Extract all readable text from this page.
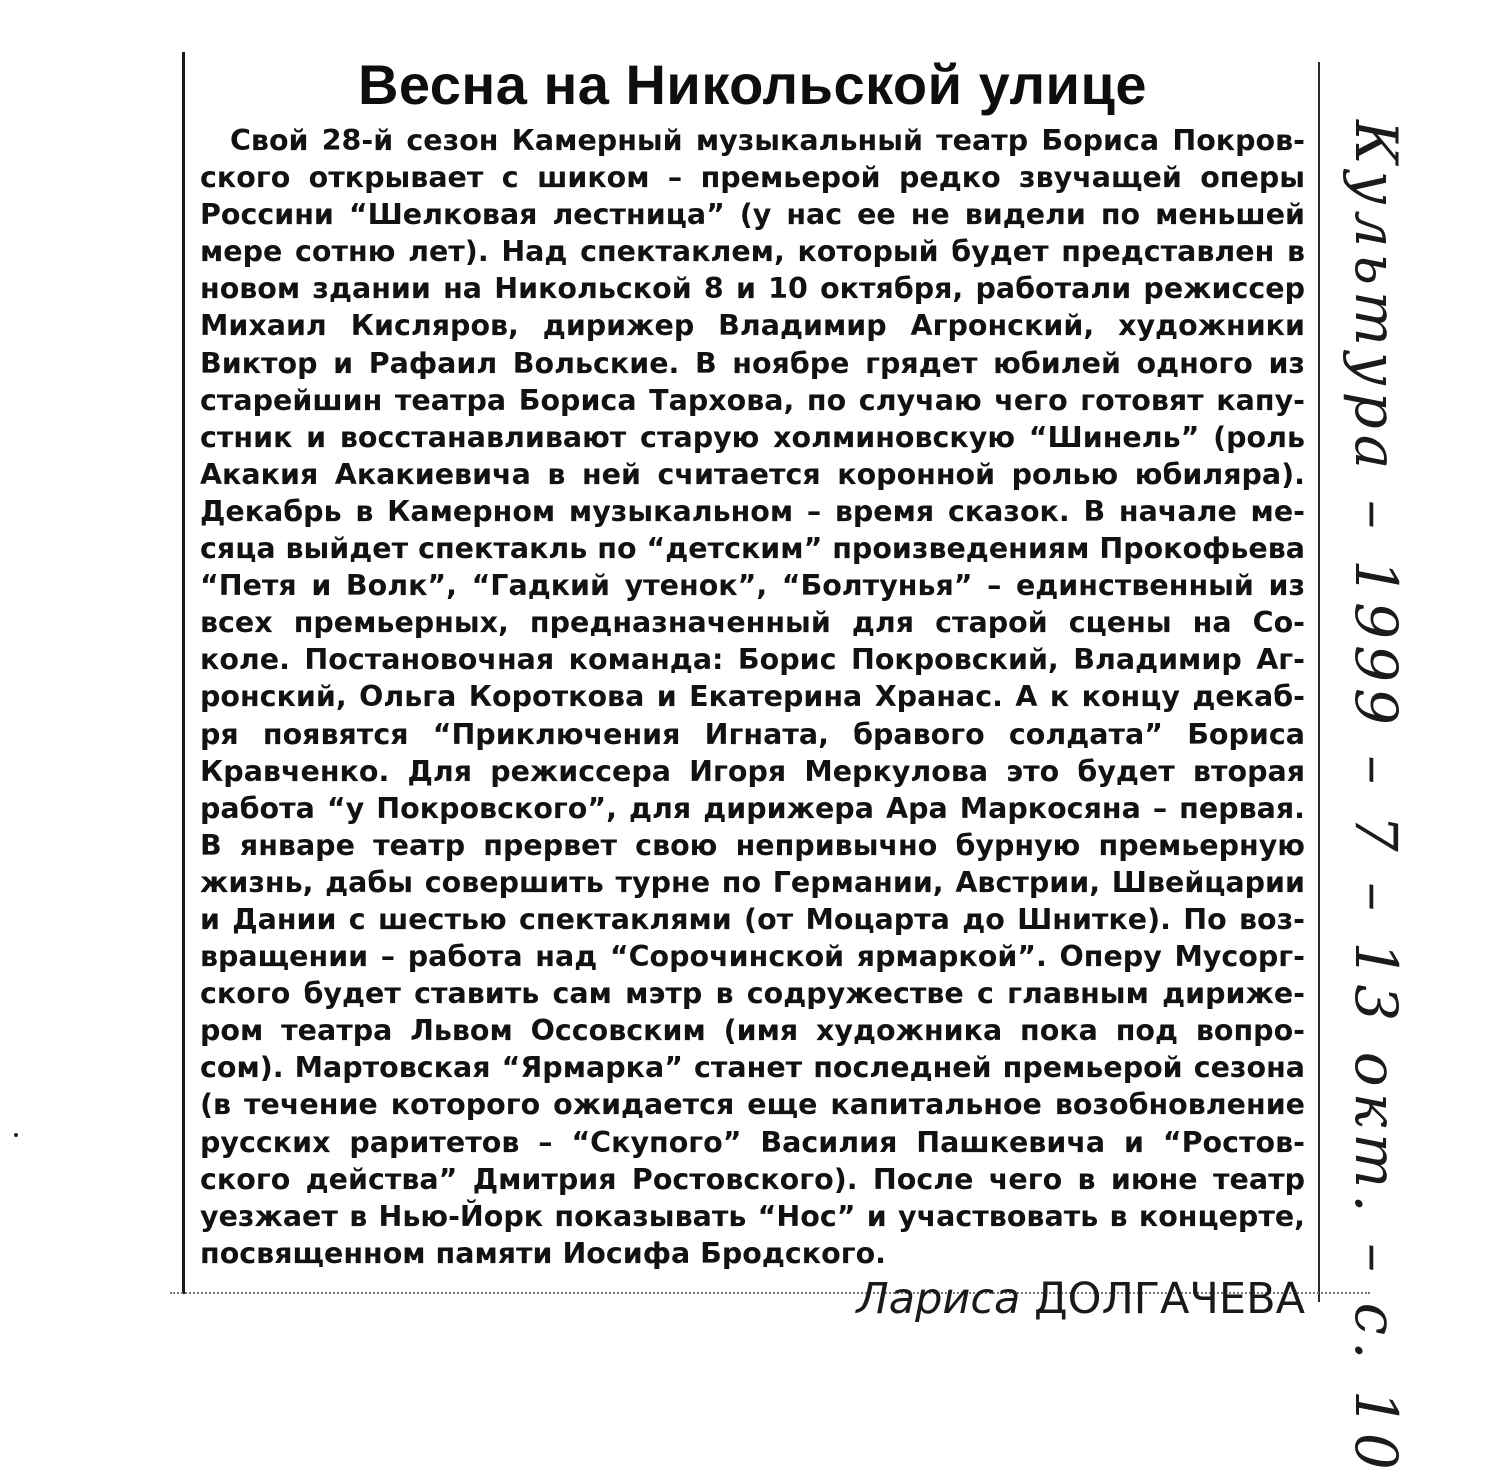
Весна на Никольской улице

Свой 28-й сезон Камерный музыкальный театр Бориса Покровского открывает с шиком – премьерой редко звучащей оперы Россини “Шелковая лестница” (у нас ее не видели по меньшей мере сотню лет). Над спектаклем, который будет представлен в новом здании на Никольской 8 и 10 октября, работали режиссер Михаил Кисляров, дирижер Владимир Агронский, художники Виктор и Рафаил Вольские. В ноябре грядет юбилей одного из старейшин театра Бориса Тархова, по случаю чего готовят капустник и восстанавливают старую холминовскую “Шинель” (роль Акакия Акакиевича в ней считается коронной ролью юбиляра). Декабрь в Камерном музыкальном – время сказок. В начале месяца выйдет спектакль по “детским” произведениям Прокофьева “Петя и Волк”, “Гадкий утенок”, “Болтунья” – единственный из всех премьерных, предназначенный для старой сцены на Соколе. Постановочная команда: Борис Покровский, Владимир Агронский, Ольга Короткова и Екатерина Хранас. А к концу декабря появятся “Приключения Игната, бравого солдата” Бориса Кравченко. Для режиссера Игоря Меркулова это будет вторая работа “у Покровского”, для дирижера Ара Маркосяна – первая. В январе театр прервет свою непривычно бурную премьерную жизнь, дабы совершить турне по Германии, Австрии, Швейцарии и Дании с шестью спектаклями (от Моцарта до Шнитке). По возвращении – работа над “Сорочинской ярмаркой”. Оперу Мусоргского будет ставить сам мэтр в содружестве с главным дирижером театра Львом Оссовским (имя художника пока под вопросом). Мартовская “Ярмарка” станет последней премьерой сезона (в течение которого ожидается еще капитальное возобновление русских раритетов – “Скупого” Василия Пашкевича и “Ростовского действа” Дмитрия Ростовского). После чего в июне театр уезжает в Нью-Йорк показывать “Нос” и участвовать в концерте, посвященном памяти Иосифа Бродского.

Лариса ДОЛГАЧЕВА Культура – 1999 – 7 – 13 окт. – с. 10
